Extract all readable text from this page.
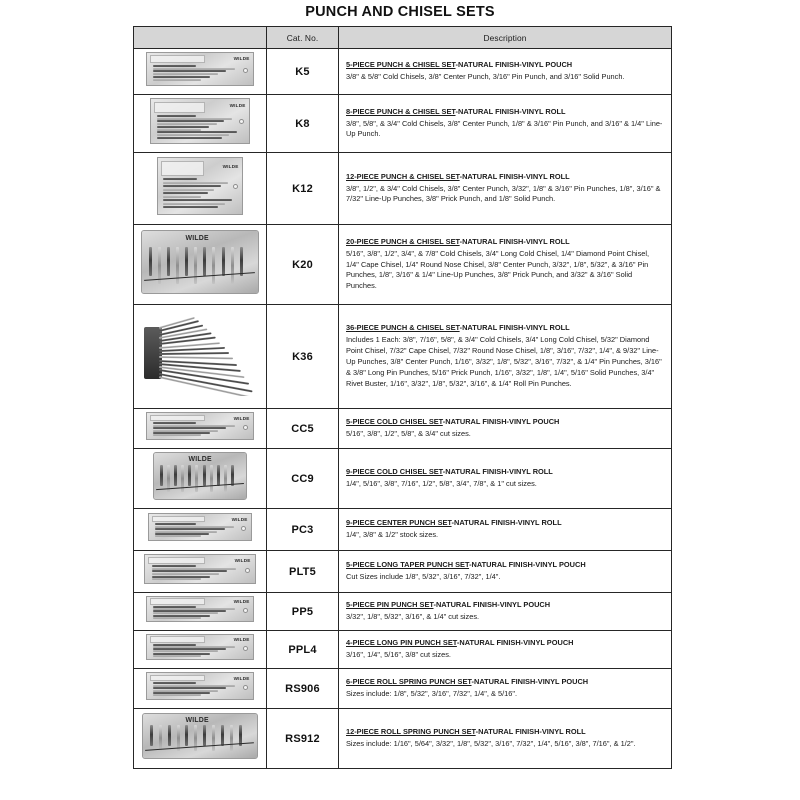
PUNCH AND CHISEL SETS
	Cat. No.	Description

WILDE	K5	5-PIECE PUNCH & CHISEL SET-NATURAL FINISH-VINYL POUCH
3/8" & 5/8" Cold Chisels, 3/8" Center Punch, 3/16" Pin Punch, and 3/16" Solid Punch.

WILDE	K8	8-PIECE PUNCH & CHISEL SET-NATURAL FINISH-VINYL ROLL
3/8", 5/8", & 3/4" Cold Chisels, 3/8" Center Punch, 1/8" & 3/16" Pin Punch, and 3/16" & 1/4" Line-Up Punch.

WILDE	K12	12-PIECE PUNCH & CHISEL SET-NATURAL FINISH-VINYL ROLL
3/8", 1/2", & 3/4" Cold Chisels, 3/8" Center Punch, 3/32", 1/8" & 3/16" Pin Punches, 1/8", 3/16" & 7/32" Line-Up Punches, 3/8" Prick Punch, and 1/8" Solid Punch.

WILDE	K20	20-PIECE PUNCH & CHISEL SET-NATURAL FINISH-VINYL ROLL
5/16", 3/8", 1/2", 3/4", & 7/8" Cold Chisels, 3/4" Long Cold Chisel, 1/4" Diamond Point Chisel, 1/4" Cape Chisel, 1/4" Round Nose Chisel, 3/8" Center Punch, 3/32", 1/8", 5/32", & 3/16" Pin Punches, 1/8", 3/16" & 1/4" Line-Up Punches, 3/8" Prick Punch, and 3/32" & 3/16" Solid Punches.

	K36	36-PIECE PUNCH & CHISEL SET-NATURAL FINISH-VINYL ROLL
Includes 1 Each: 3/8", 7/16", 5/8", & 3/4" Cold Chisels, 3/4" Long Cold Chisel, 5/32" Diamond Point Chisel, 7/32" Cape Chisel, 7/32" Round Nose Chisel, 1/8", 3/16", 7/32", 1/4", & 9/32" Line-Up Punches, 3/8" Center Punch, 1/16", 3/32", 1/8", 5/32", 3/16", 7/32", & 1/4" Pin Punches, 3/16" & 3/8" Long Pin Punches, 5/16" Prick Punch, 1/16", 3/32", 1/8", 1/4", 5/16" Solid Punches, 3/4" Rivet Buster, 1/16", 3/32", 1/8", 5/32", 3/16", & 1/4" Roll Pin Punches.

WILDE	CC5	5-PIECE COLD CHISEL SET-NATURAL FINISH-VINYL POUCH
5/16", 3/8", 1/2", 5/8", & 3/4" cut sizes.

WILDE	CC9	9-PIECE COLD CHISEL SET-NATURAL FINISH-VINYL ROLL
1/4", 5/16", 3/8", 7/16", 1/2", 5/8", 3/4", 7/8", & 1" cut sizes.

WILDE	PC3	9-PIECE CENTER PUNCH SET-NATURAL FINISH-VINYL ROLL
1/4", 3/8" & 1/2" stock sizes.

WILDE	PLT5	5-PIECE LONG TAPER PUNCH SET-NATURAL FINISH-VINYL POUCH
Cut Sizes include 1/8", 5/32", 3/16", 7/32", 1/4".

WILDE	PP5	5-PIECE PIN PUNCH SET-NATURAL FINISH-VINYL POUCH
3/32", 1/8", 5/32", 3/16", & 1/4" cut sizes.

WILDE	PPL4	4-PIECE LONG PIN PUNCH SET-NATURAL FINISH-VINYL POUCH
3/16", 1/4", 5/16", 3/8" cut sizes.

WILDE	RS906	6-PIECE ROLL SPRING PUNCH SET-NATURAL FINISH-VINYL POUCH
Sizes include: 1/8", 5/32", 3/16", 7/32", 1/4", & 5/16".

WILDE	RS912	12-PIECE ROLL SPRING PUNCH SET-NATURAL FINISH-VINYL ROLL
Sizes include: 1/16", 5/64", 3/32", 1/8", 5/32", 3/16", 7/32", 1/4", 5/16", 3/8", 7/16", & 1/2".
